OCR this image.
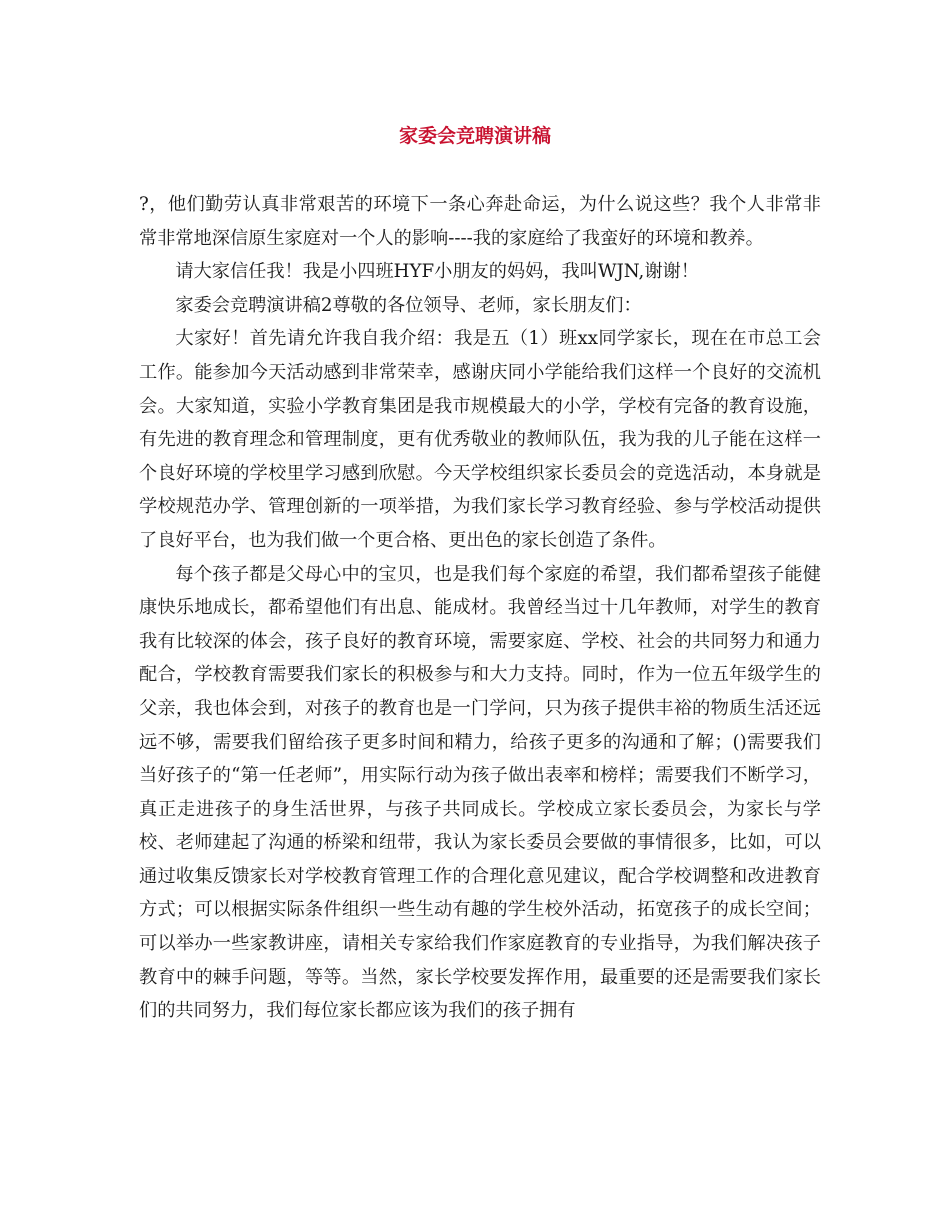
家委会竞聘演讲稿

?，他们勤劳认真非常艰苦的环境下一条心奔赴命运，为什么说这些？我个人非常非常非常地深信原生家庭对一个人的影响----我的家庭给了我蛮好的环境和教养。

请大家信任我！我是小四班HYF小朋友的妈妈，我叫WJN,谢谢！

家委会竞聘演讲稿2尊敬的各位领导、老师，家长朋友们：

大家好！首先请允许我自我介绍：我是五（1）班xx同学家长，现在在市总工会工作。能参加今天活动感到非常荣幸，感谢庆同小学能给我们这样一个良好的交流机会。大家知道，实验小学教育集团是我市规模最大的小学，学校有完备的教育设施，有先进的教育理念和管理制度，更有优秀敬业的教师队伍，我为我的儿子能在这样一个良好环境的学校里学习感到欣慰。今天学校组织家长委员会的竞选活动，本身就是学校规范办学、管理创新的一项举措，为我们家长学习教育经验、参与学校活动提供了良好平台，也为我们做一个更合格、更出色的家长创造了条件。

每个孩子都是父母心中的宝贝，也是我们每个家庭的希望，我们都希望孩子能健康快乐地成长，都希望他们有出息、能成材。我曾经当过十几年教师，对学生的教育我有比较深的体会，孩子良好的教育环境，需要家庭、学校、社会的共同努力和通力配合，学校教育需要我们家长的积极参与和大力支持。同时，作为一位五年级学生的父亲，我也体会到，对孩子的教育也是一门学问，只为孩子提供丰裕的物质生活还远远不够，需要我们留给孩子更多时间和精力，给孩子更多的沟通和了解；()需要我们当好孩子的“第一任老师”，用实际行动为孩子做出表率和榜样；需要我们不断学习，真正走进孩子的身生活世界，与孩子共同成长。学校成立家长委员会，为家长与学校、老师建起了沟通的桥梁和纽带，我认为家长委员会要做的事情很多，比如，可以通过收集反馈家长对学校教育管理工作的合理化意见建议，配合学校调整和改进教育方式；可以根据实际条件组织一些生动有趣的学生校外活动，拓宽孩子的成长空间；可以举办一些家教讲座，请相关专家给我们作家庭教育的专业指导，为我们解决孩子教育中的棘手问题，等等。当然，家长学校要发挥作用，最重要的还是需要我们家长们的共同努力，我们每位家长都应该为我们的孩子拥有
